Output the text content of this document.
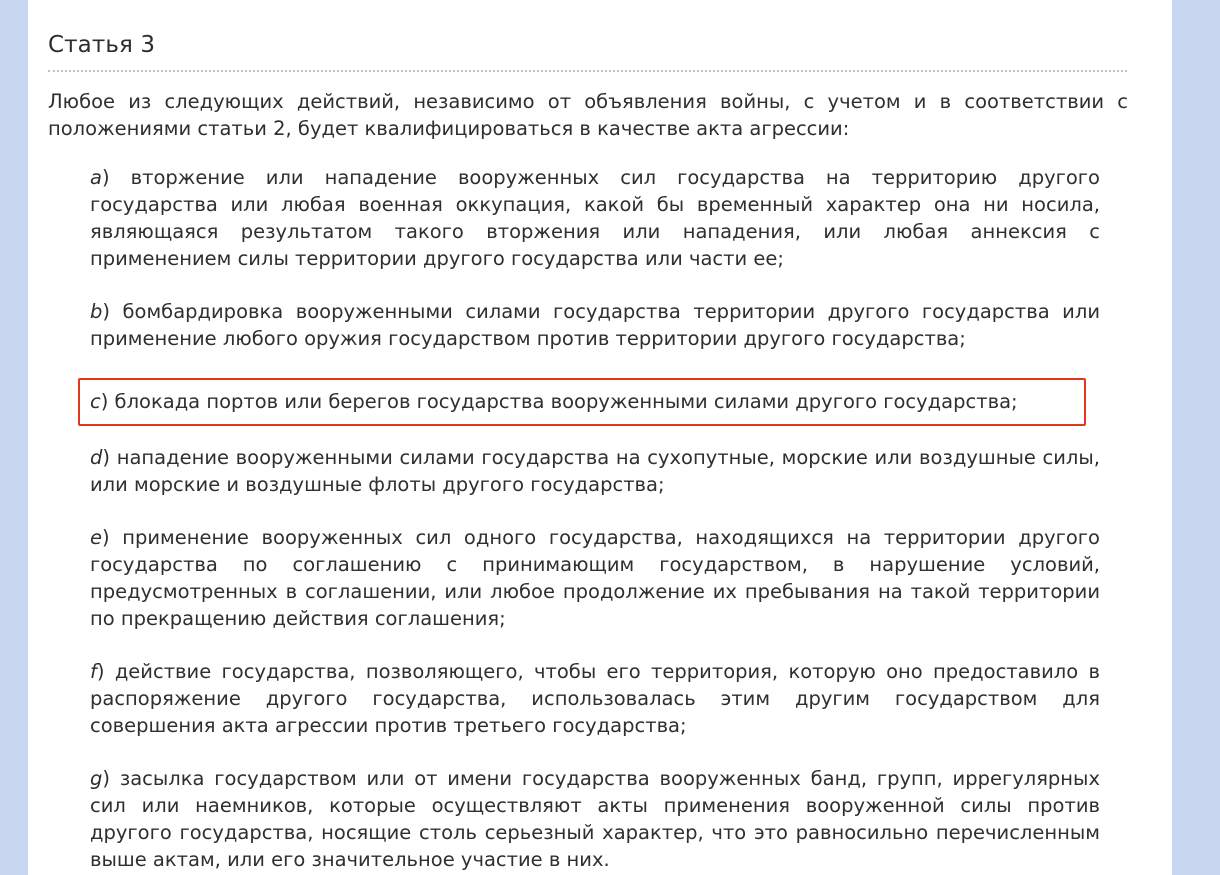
Статья 3

Любое из следующих действий, независимо от объявления войны, с учетом и в соответствии с положениями статьи 2, будет квалифицироваться в качестве акта агрессии:

a) вторжение или нападение вооруженных сил государства на территорию другого государства или любая военная оккупация, какой бы временный характер она ни носила, являющаяся результатом такого вторжения или нападения, или любая аннексия с применением силы территории другого государства или части ее;

b) бомбардировка вооруженными силами государства территории другого государства или применение любого оружия государством против территории другого государства;

c) блокада портов или берегов государства вооруженными силами другого государства;

d) нападение вооруженными силами государства на сухопутные, морские или воздушные силы, или морские и воздушные флоты другого государства;

e) применение вооруженных сил одного государства, находящихся на территории другого государства по соглашению с принимающим государством, в нарушение условий, предусмотренных в соглашении, или любое продолжение их пребывания на такой территории по прекращению действия соглашения;

f) действие государства, позволяющего, чтобы его территория, которую оно предоставило в распоряжение другого государства, использовалась этим другим государством для совершения акта агрессии против третьего государства;

g) засылка государством или от имени государства вооруженных банд, групп, иррегулярных сил или наемников, которые осуществляют акты применения вооруженной силы против другого государства, носящие столь серьезный характер, что это равносильно перечисленным выше актам, или его значительное участие в них.
